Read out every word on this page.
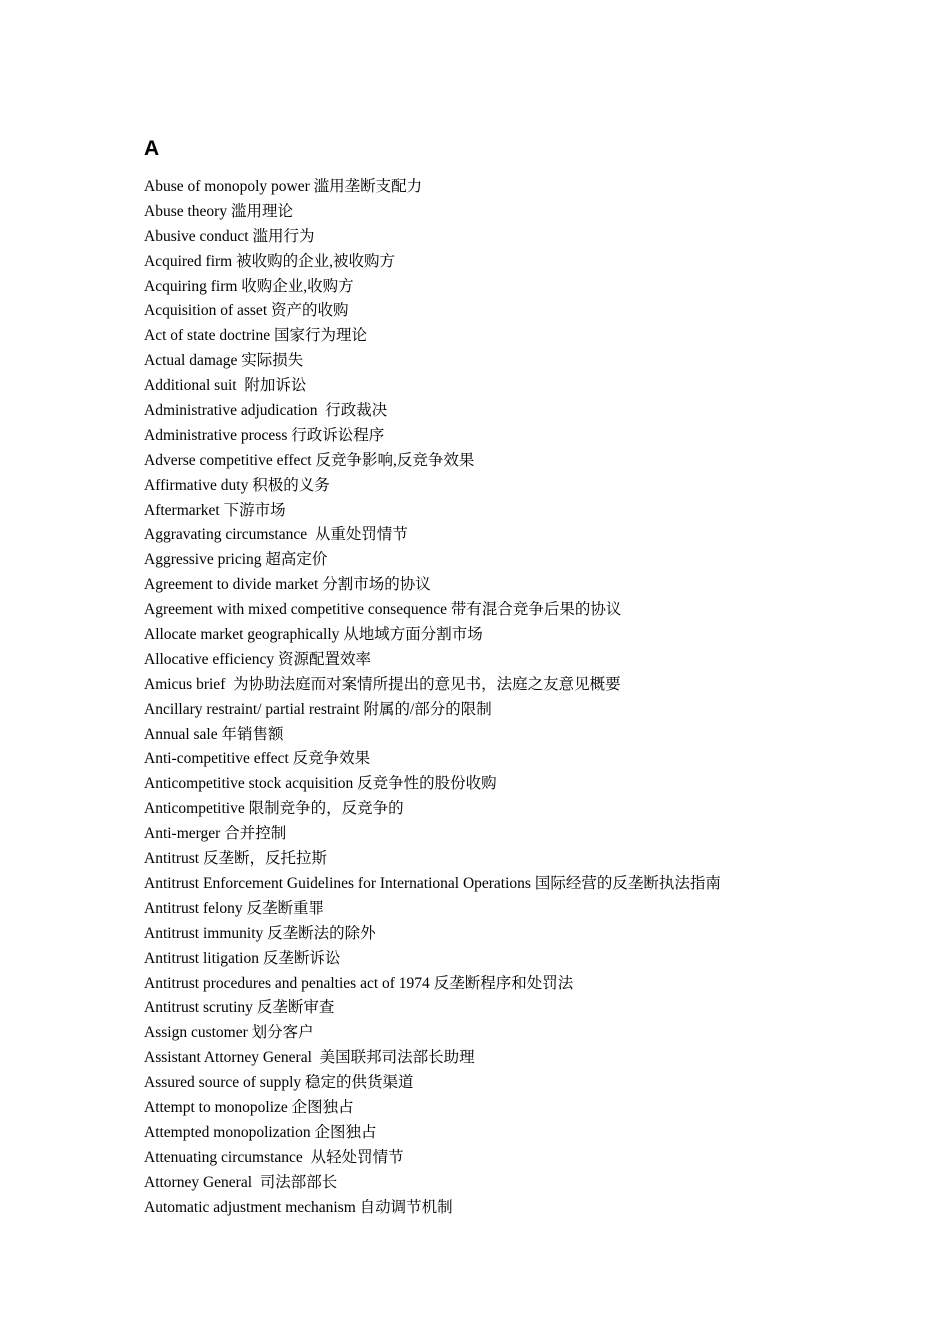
A
Abuse of monopoly power 滥用垄断支配力
Abuse theory 滥用理论
Abusive conduct 滥用行为
Acquired firm 被收购的企业,被收购方
Acquiring firm 收购企业,收购方
Acquisition of asset 资产的收购
Act of state doctrine 国家行为理论
Actual damage 实际损失
Additional suit 附加诉讼
Administrative adjudication 行政裁决
Administrative process 行政诉讼程序
Adverse competitive effect 反竞争影响,反竞争效果
Affirmative duty 积极的义务
Aftermarket 下游市场
Aggravating circumstance 从重处罚情节
Aggressive pricing 超高定价
Agreement to divide market 分割市场的协议
Agreement with mixed competitive consequence 带有混合竞争后果的协议
Allocate market geographically 从地域方面分割市场
Allocative efficiency 资源配置效率
Amicus brief 为协助法庭而对案情所提出的意见书，法庭之友意见概要
Ancillary restraint/ partial restraint 附属的/部分的限制
Annual sale 年销售额
Anti-competitive effect 反竞争效果
Anticompetitive stock acquisition 反竞争性的股份收购
Anticompetitive 限制竞争的，反竞争的
Anti-merger 合并控制
Antitrust 反垄断，反托拉斯
Antitrust Enforcement Guidelines for International Operations 国际经营的反垄断执法指南
Antitrust felony 反垄断重罪
Antitrust immunity 反垄断法的除外
Antitrust litigation 反垄断诉讼
Antitrust procedures and penalties act of 1974 反垄断程序和处罚法
Antitrust scrutiny 反垄断审查
Assign customer 划分客户
Assistant Attorney General 美国联邦司法部长助理
Assured source of supply 稳定的供货渠道
Attempt to monopolize 企图独占
Attempted monopolization 企图独占
Attenuating circumstance 从轻处罚情节
Attorney General 司法部部长
Automatic adjustment mechanism 自动调节机制
